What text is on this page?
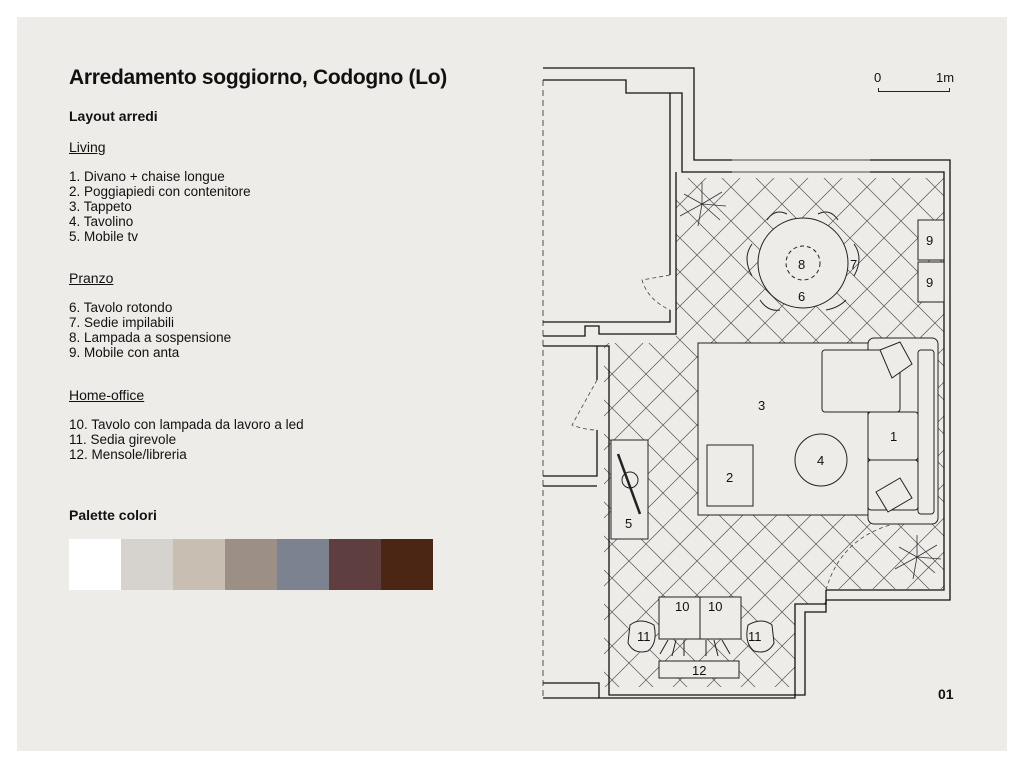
Arredamento soggiorno, Codogno (Lo)
Layout arredi
Living
1. Divano + chaise longue
2. Poggiapiedi con contenitore
3. Tappeto
4. Tavolino
5. Mobile tv
Pranzo
6. Tavolo rotondo
7. Sedie impilabili
8. Lampada a sospensione
9. Mobile con anta
Home-office
10. Tavolo con lampada da lavoro a led
11. Sedia girevole
12. Mensole/libreria
Palette colori
0	1m
1
2
3
4
5
6
7
8
9
9
10 10
11	11
12
01
